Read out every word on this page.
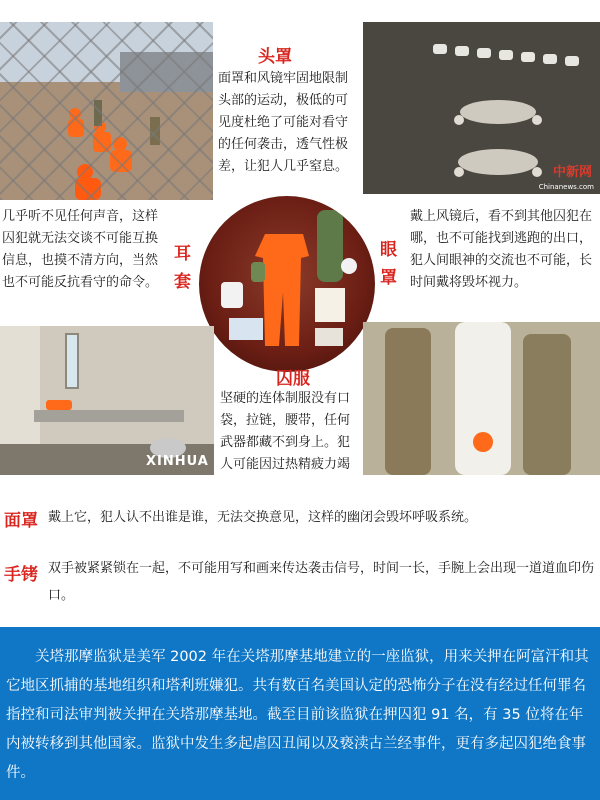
头罩
面罩和风镜牢固地限制头部的运动，极低的可见度杜绝了可能对看守的任何袭击，透气性极差，让犯人几乎窒息。	中新网
Chinanews.com
几乎听不见任何声音，这样囚犯就无法交谈不可能互换信息，也摸不清方向，当然也不可能反抗看守的命令。
耳套
眼罩
戴上风镜后，看不到其他囚犯在哪，也不可能找到逃跑的出口，犯人间眼神的交流也不可能，长时间戴将毁坏视力。
XINHUA
囚服
坚硬的连体制服没有口袋，拉链，腰带，任何武器都藏不到身上。犯人可能因过热精疲力竭
面罩 戴上它，犯人认不出谁是谁，无法交换意见，这样的幽闭会毁坏呼吸系统。
手铐 双手被紧紧锁在一起，不可能用写和画来传达袭击信号，时间一长，手腕上会出现一道道血印伤口。
关塔那摩监狱是美军 2002 年在关塔那摩基地建立的一座监狱，用来关押在阿富汗和其它地区抓捕的基地组织和塔利班嫌犯。共有数百名美国认定的恐怖分子在没有经过任何罪名指控和司法审判被关押在关塔那摩基地。截至目前该监狱在押囚犯 91 名，有 35 位将在年内被转移到其他国家。监狱中发生多起虐囚丑闻以及亵渎古兰经事件，更有多起囚犯绝食事件。
